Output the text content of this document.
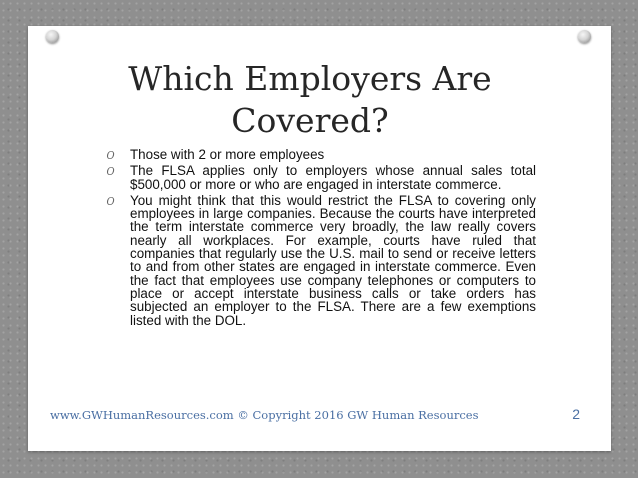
Which Employers Are
Covered?
O Those with 2 or more employees
O The FLSA applies only to employers whose annual sales total $500,000 or more or who are engaged in interstate commerce.
O You might think that this would restrict the FLSA to covering only employees in large companies. Because the courts have interpreted the term interstate commerce very broadly, the law really covers nearly all workplaces. For example, courts have ruled that companies that regularly use the U.S. mail to send or receive letters to and from other states are engaged in interstate commerce. Even the fact that employees use company telephones or computers to place or accept interstate business calls or take orders has subjected an employer to the FLSA. There are a few exemptions listed with the DOL.
www.GWHumanResources.com © Copyright 2016 GW Human Resources	2
